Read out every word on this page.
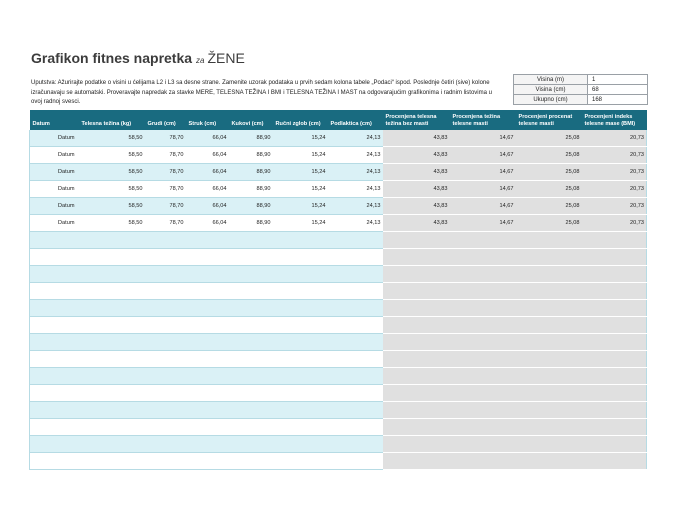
Grafikon fitnes napretka za ŽENE
Uputstva: Ažurirajte podatke o visini u ćelijama L2 i L3 sa desne strane. Zamenite uzorak podataka u prvih sedam kolona tabele „Podaci“ ispod. Poslednje četiri (sive) kolone izračunavaju se automatski. Proveravajte napredak za stavke MERE, TELESNA TEŽINA I BMI i TELESNA TEŽINA I MAST na odgovarajućim grafikonima i radnim listovima u ovoj radnoj svesci.
Visina (m)	1
Visina (cm)	68
Ukupno (cm)	168
Datum	Telesna težina (kg)	Grudi (cm)	Struk (cm)	Kukovi (cm)	Ručni zglob (cm)	Podlaktica (cm)	Procenjena telesna težina bez masti	Procenjena težina telesne masti	Procenjeni procenat telesne masti	Procenjeni indeks telesne mase (BMI)
Datum	58,50	78,70	66,04	88,90	15,24	24,13	43,83	14,67	25,08	20,73
Datum	58,50	78,70	66,04	88,90	15,24	24,13	43,83	14,67	25,08	20,73
Datum	58,50	78,70	66,04	88,90	15,24	24,13	43,83	14,67	25,08	20,73
Datum	58,50	78,70	66,04	88,90	15,24	24,13	43,83	14,67	25,08	20,73
Datum	58,50	78,70	66,04	88,90	15,24	24,13	43,83	14,67	25,08	20,73
Datum	58,50	78,70	66,04	88,90	15,24	24,13	43,83	14,67	25,08	20,73
